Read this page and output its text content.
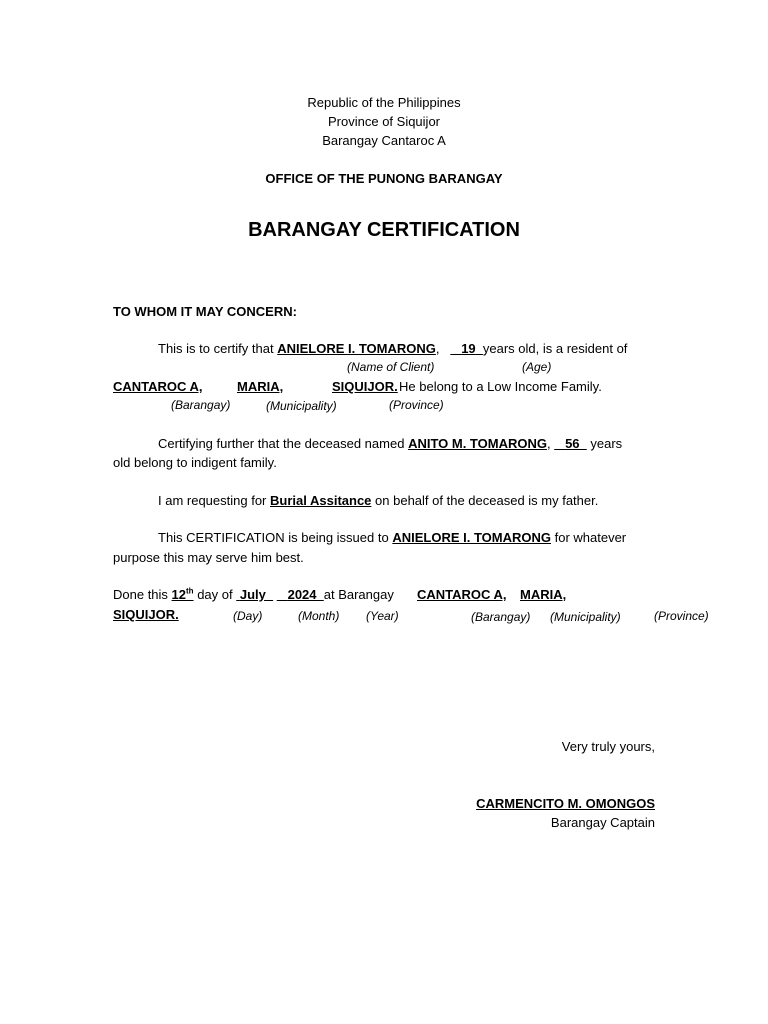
Republic of the Philippines
Province of Siquijor
Barangay Cantaroc A
OFFICE OF THE PUNONG BARANGAY
BARANGAY CERTIFICATION
TO WHOM IT MAY CONCERN:
This is to certify that ANIELORE I. TOMARONG, 19 years old, is a resident of
(Name of Client)	(Age)
CANTAROC A,	MARIA,	SIQUIJOR. He belong to a Low Income Family.
(Barangay)	(Municipality)	(Province)
Certifying further that the deceased named ANITO M. TOMARONG, 56 years
old belong to indigent family.
I am requesting for Burial Assitance on behalf of the deceased is my father.
This CERTIFICATION is being issued to ANIELORE I. TOMARONG for whatever
purpose this may serve him best.
Done this 12th day of July 2024 at Barangay CANTAROC A, MARIA,
SIQUIJOR.	(Day)	(Month) (Year)	(Barangay) (Municipality)	(Province)
Very truly yours,
CARMENCITO M. OMONGOS
Barangay Captain
